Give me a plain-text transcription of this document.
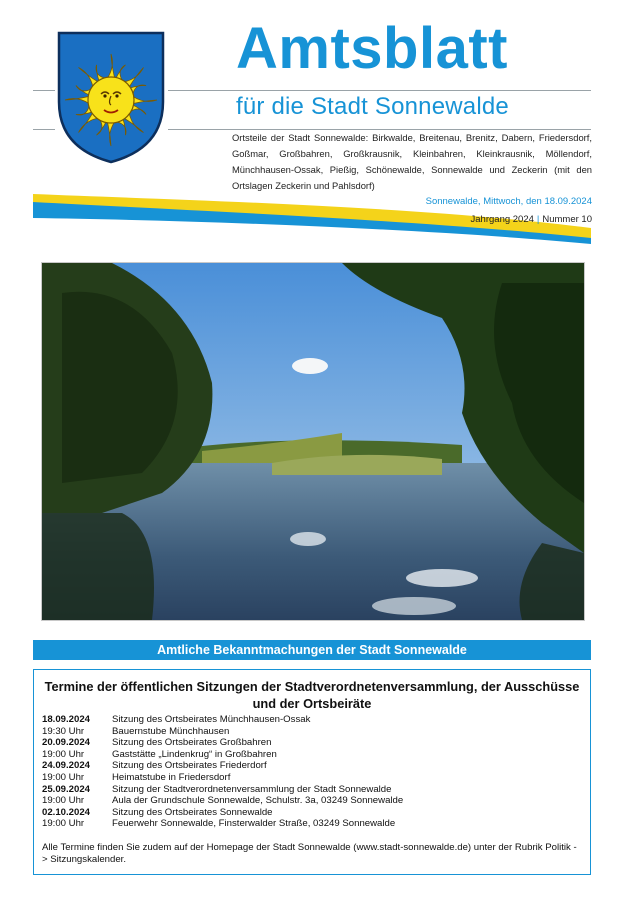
Amtsblatt
für die Stadt Sonnewalde
Ortsteile der Stadt Sonnewalde: Birkwalde, Breitenau, Brenitz, Dabern, Friedersdorf, Goßmar, Großbahren, Großkrausnik, Kleinbahren, Kleinkrausnik, Möllendorf, Münchhausen-Ossak, Pießig, Schönewalde, Sonnewalde und Zeckerin (mit den Ortslagen Zeckerin und Pahlsdorf)
Sonnewalde, Mittwoch, den 18.09.2024
Jahrgang 2024 | Nummer 10
Amtliche Bekanntmachungen der Stadt Sonnewalde
Termine der öffentlichen Sitzungen der Stadtverordnetenversammlung, der Ausschüsse und der Ortsbeiräte
18.09.2024	Sitzung des Ortsbeirates Münchhausen-Ossak
19:30 Uhr	Bauernstube Münchhausen
20.09.2024	Sitzung des Ortsbeirates Großbahren
19:00 Uhr	Gaststätte „Lindenkrug“ in Großbahren
24.09.2024	Sitzung des Ortsbeirates Friederdorf
19:00 Uhr	Heimatstube in Friedersdorf
25.09.2024	Sitzung der Stadtverordnetenversammlung der Stadt Sonnewalde
19:00 Uhr	Aula der Grundschule Sonnewalde, Schulstr. 3a, 03249 Sonnewalde
02.10.2024	Sitzung des Ortsbeirates Sonnewalde
19:00 Uhr	Feuerwehr Sonnewalde, Finsterwalder Straße, 03249 Sonnewalde
Alle Termine finden Sie zudem auf der Homepage der Stadt Sonnewalde (www.stadt-sonnewalde.de) unter der Rubrik Politik -> Sitzungskalender.
